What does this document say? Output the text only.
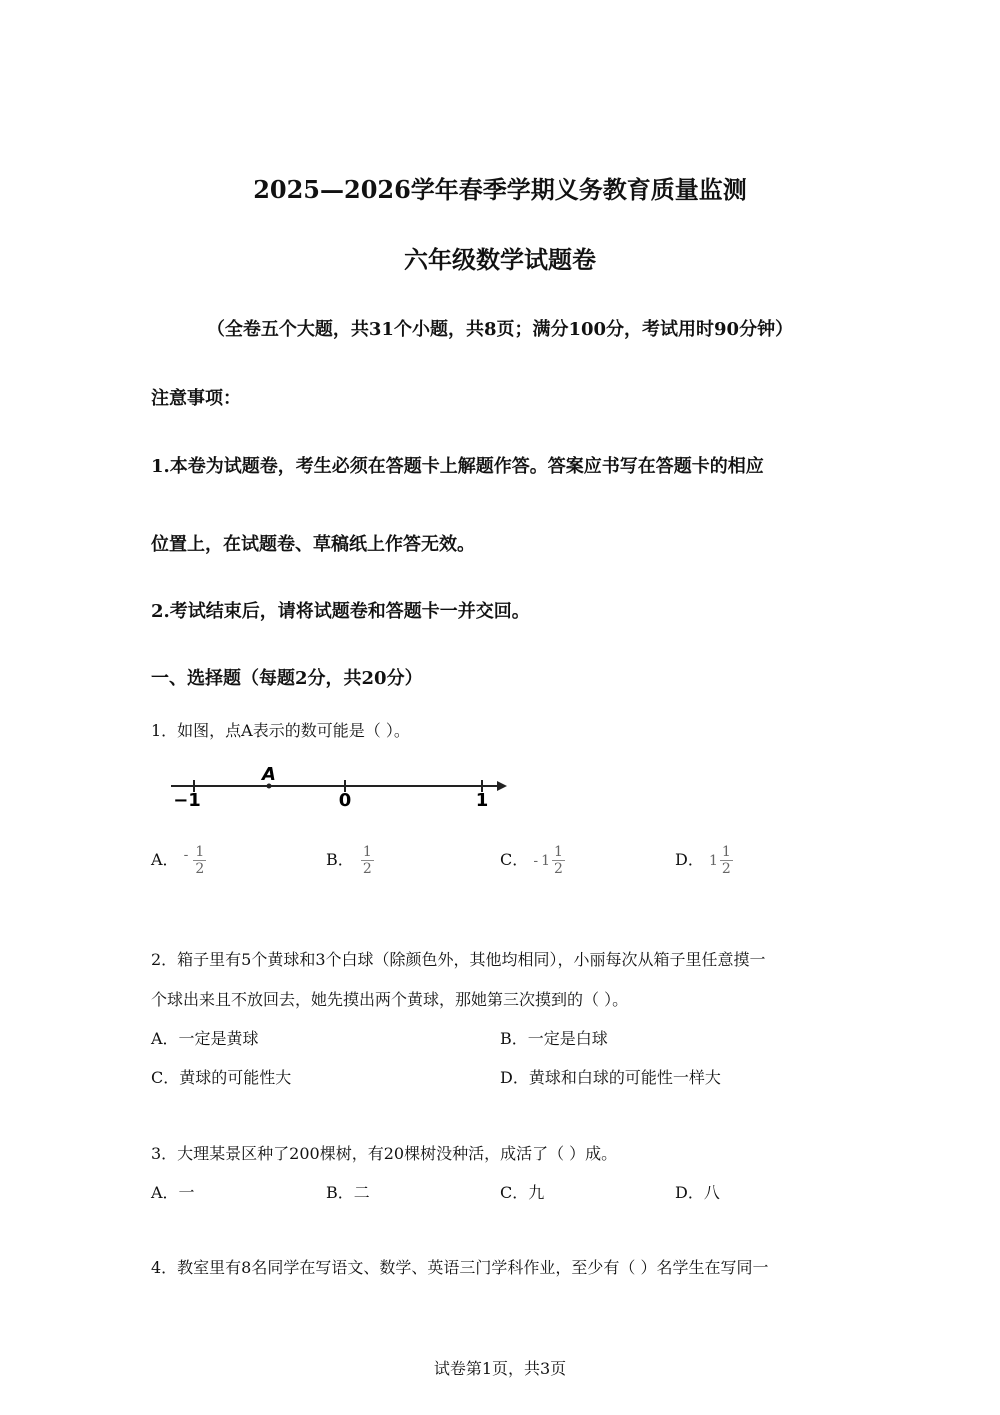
2025—2026学年春季学期义务教育质量监测
六年级数学试题卷
（全卷五个大题，共31个小题，共8页；满分100分，考试用时90分钟）
注意事项：
1.本卷为试题卷，考生必须在答题卡上解题作答。答案应书写在答题卡的相应
位置上，在试题卷、草稿纸上作答无效。
2.考试结束后，请将试题卷和答题卡一并交回。
一、选择题（每题2分，共20分）
1．如图，点A表示的数可能是（ ）。
A
−1	0	1
A． - $\frac{1}{2}$	B． $\frac{1}{2}$	C． - $1 \frac{1}{2}$	D． $1 \frac{1}{2}$
2．箱子里有5个黄球和3个白球（除颜色外，其他均相同），小丽每次从箱子里任意摸一
个球出来且不放回去，她先摸出两个黄球，那她第三次摸到的（ ）。
A．一定是黄球	B．一定是白球
C．黄球的可能性大	D．黄球和白球的可能性一样大
3．大理某景区种了200棵树，有20棵树没种活，成活了（ ）成。
A．一	B．二	C．九	D．八
4．教室里有8名同学在写语文、数学、英语三门学科作业，至少有（ ）名学生在写同一
试卷第1页，共3页
